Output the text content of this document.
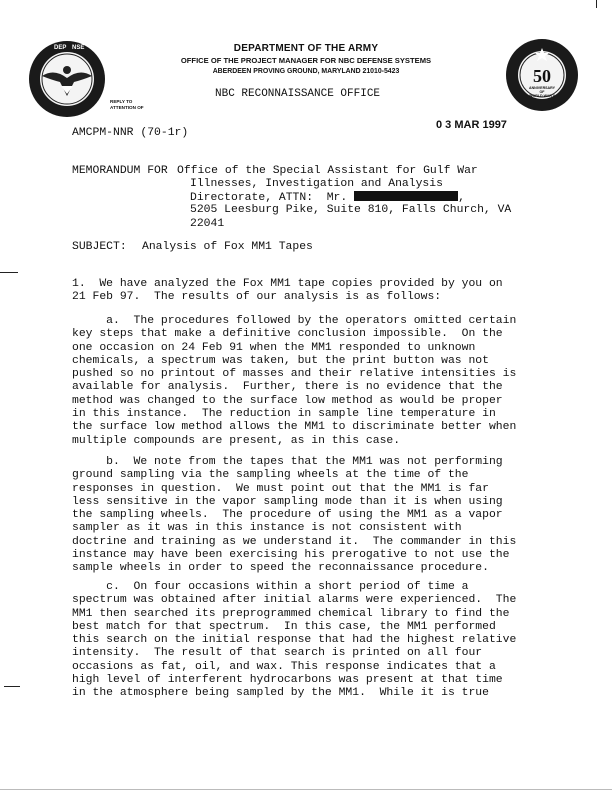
DEP NSE
50
ANNIVERSARY
OF
WORLD WAR II
DEPARTMENT OF THE ARMY
OFFICE OF THE PROJECT MANAGER FOR NBC DEFENSE SYSTEMS
ABERDEEN PROVING GROUND, MARYLAND 21010-5423
NBC RECONNAISSANCE OFFICE
REPLY TO
ATTENTION OF
AMCPM-NNR (70-1r)
0 3 MAR 1997
MEMORANDUM FOR Office of the Special Assistant for Gulf War
Illnesses, Investigation and Analysis
Directorate, ATTN:  Mr.	,
5205 Leesburg Pike, Suite 810, Falls Church, VA
22041
SUBJECT: Analysis of Fox MM1 Tapes

1.  We have analyzed the Fox MM1 tape copies provided by you on
21 Feb 97.  The results of our analysis is as follows:

a.  The procedures followed by the operators omitted certain
key steps that make a definitive conclusion impossible.  On the
one occasion on 24 Feb 91 when the MM1 responded to unknown
chemicals, a spectrum was taken, but the print button was not
pushed so no printout of masses and their relative intensities is
available for analysis.  Further, there is no evidence that the
method was changed to the surface low method as would be proper
in this instance.  The reduction in sample line temperature in
the surface low method allows the MM1 to discriminate better when
multiple compounds are present, as in this case.

b.  We note from the tapes that the MM1 was not performing
ground sampling via the sampling wheels at the time of the
responses in question.  We must point out that the MM1 is far
less sensitive in the vapor sampling mode than it is when using
the sampling wheels.  The procedure of using the MM1 as a vapor
sampler as it was in this instance is not consistent with
doctrine and training as we understand it.  The commander in this
instance may have been exercising his prerogative to not use the
sample wheels in order to speed the reconnaissance procedure.

c.  On four occasions within a short period of time a
spectrum was obtained after initial alarms were experienced.  The
MM1 then searched its preprogrammed chemical library to find the
best match for that spectrum.  In this case, the MM1 performed
this search on the initial response that had the highest relative
intensity.  The result of that search is printed on all four
occasions as fat, oil, and wax. This response indicates that a
high level of interferent hydrocarbons was present at that time
in the atmosphere being sampled by the MM1.  While it is true
